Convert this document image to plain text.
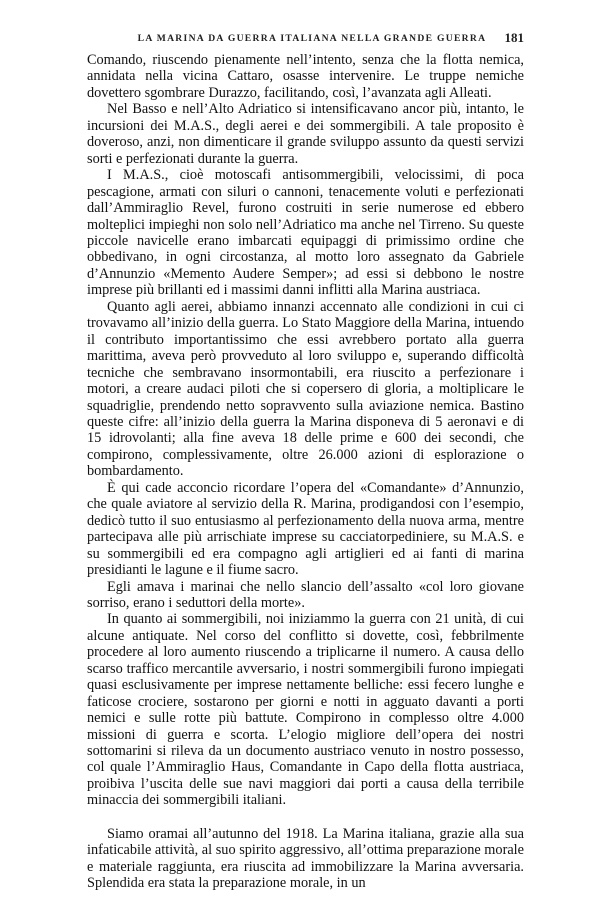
LA MARINA DA GUERRA ITALIANA NELLA GRANDE GUERRA	181

Comando, riuscendo pienamente nell’intento, senza che la flotta nemica, annidata nella vicina Cattaro, osasse intervenire. Le truppe nemiche dovettero sgombrare Durazzo, facilitando, così, l’avanzata agli Alleati.

Nel Basso e nell’Alto Adriatico si intensificavano ancor più, intanto, le incursioni dei M.A.S., degli aerei e dei sommergibili. A tale proposito è doveroso, anzi, non dimenticare il grande sviluppo assunto da questi servizi sorti e perfezionati durante la guerra.

I M.A.S., cioè motoscafi antisommergibili, velocissimi, di poca pescagione, armati con siluri o cannoni, tenacemente voluti e perfezionati dall’Ammiraglio Revel, furono costruiti in serie numerose ed ebbero molteplici impieghi non solo nell’Adriatico ma anche nel Tirreno. Su queste piccole navicelle erano imbarcati equipaggi di primissimo ordine che obbedivano, in ogni circostanza, al motto loro assegnato da Gabriele d’Annunzio «Memento Audere Semper»; ad essi si debbono le nostre imprese più brillanti ed i massimi danni inflitti alla Marina austriaca.

Quanto agli aerei, abbiamo innanzi accennato alle condizioni in cui ci trovavamo all’inizio della guerra. Lo Stato Maggiore della Marina, intuendo il contributo importantissimo che essi avrebbero portato alla guerra marittima, aveva però provveduto al loro sviluppo e, superando difficoltà tecniche che sembravano insormontabili, era riuscito a perfezionare i motori, a creare audaci piloti che si copersero di gloria, a moltiplicare le squadriglie, prendendo netto sopravvento sulla aviazione nemica. Bastino queste cifre: all’inizio della guerra la Marina disponeva di 5 aeronavi e di 15 idrovolanti; alla fine aveva 18 delle prime e 600 dei secondi, che compirono, complessivamente, oltre 26.000 azioni di esplorazione o bombardamento.

È qui cade acconcio ricordare l’opera del «Comandante» d’Annunzio, che quale aviatore al servizio della R. Marina, prodigandosi con l’esempio, dedicò tutto il suo entusiasmo al perfezionamento della nuova arma, mentre partecipava alle più arrischiate imprese su cacciatorpediniere, su M.A.S. e su sommergibili ed era compagno agli artiglieri ed ai fanti di marina presidianti le lagune e il fiume sacro.

Egli amava i marinai che nello slancio dell’assalto «col loro giovane sorriso, erano i seduttori della morte».

In quanto ai sommergibili, noi iniziammo la guerra con 21 unità, di cui alcune antiquate. Nel corso del conflitto si dovette, così, febbrilmente procedere al loro aumento riuscendo a triplicarne il numero. A causa dello scarso traffico mercantile avversario, i nostri sommergibili furono impiegati quasi esclusivamente per imprese nettamente belliche: essi fecero lunghe e faticose crociere, sostarono per giorni e notti in agguato davanti a porti nemici e sulle rotte più battute. Compirono in complesso oltre 4.000 missioni di guerra e scorta. L’elogio migliore dell’opera dei nostri sottomarini si rileva da un documento austriaco venuto in nostro possesso, col quale l’Ammiraglio Haus, Comandante in Capo della flotta austriaca, proibiva l’uscita delle sue navi maggiori dai porti a causa della terribile minaccia dei sommergibili italiani.

Siamo oramai all’autunno del 1918. La Marina italiana, grazie alla sua infaticabile attività, al suo spirito aggressivo, all’ottima preparazione morale e materiale raggiunta, era riuscita ad immobilizzare la Marina avversaria. Splendida era stata la preparazione morale, in un
